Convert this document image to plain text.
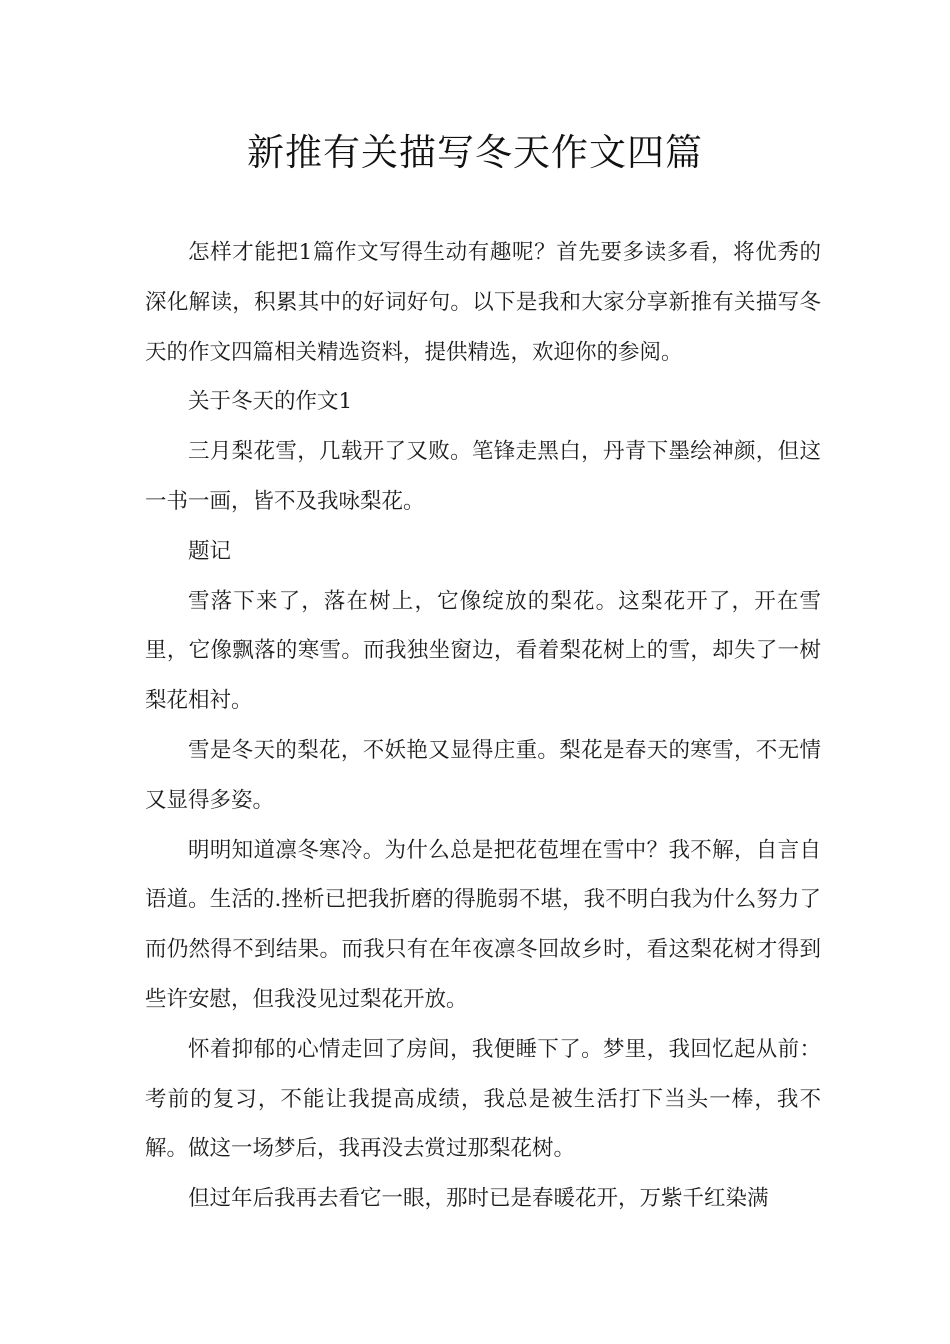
新推有关描写冬天作文四篇

怎样才能把1篇作文写得生动有趣呢？首先要多读多看，将优秀的深化解读，积累其中的好词好句。以下是我和大家分享新推有关描写冬天的作文四篇相关精选资料，提供精选，欢迎你的参阅。

关于冬天的作文1

三月梨花雪，几载开了又败。笔锋走黑白，丹青下墨绘神颜，但这一书一画，皆不及我咏梨花。

题记

雪落下来了，落在树上，它像绽放的梨花。这梨花开了，开在雪里，它像飘落的寒雪。而我独坐窗边，看着梨花树上的雪，却失了一树梨花相衬。

雪是冬天的梨花，不妖艳又显得庄重。梨花是春天的寒雪，不无情又显得多姿。

明明知道凛冬寒冷。为什么总是把花苞埋在雪中？我不解，自言自语道。生活的.挫析已把我折磨的得脆弱不堪，我不明白我为什么努力了而仍然得不到结果。而我只有在年夜凛冬回故乡时，看这梨花树才得到些许安慰，但我没见过梨花开放。

怀着抑郁的心情走回了房间，我便睡下了。梦里，我回忆起从前：考前的复习，不能让我提高成绩，我总是被生活打下当头一棒，我不解。做这一场梦后，我再没去赏过那梨花树。

但过年后我再去看它一眼，那时已是春暖花开，万紫千红染满
